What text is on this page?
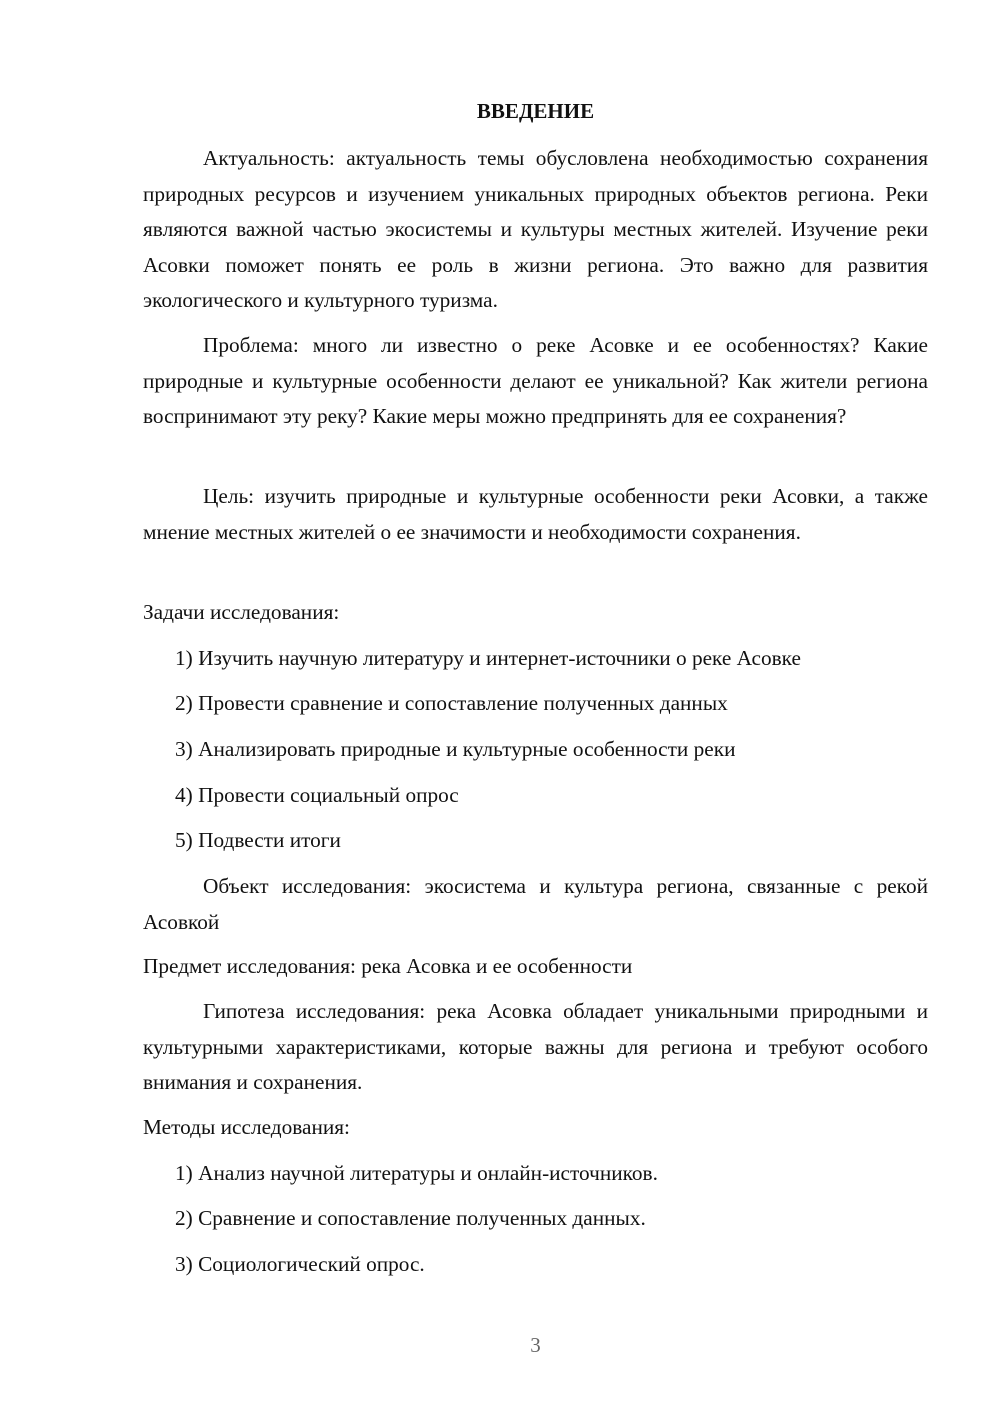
ВВЕДЕНИЕ

Актуальность: актуальность темы обусловлена необходимостью сохранения природных ресурсов и изучением уникальных природных объектов региона. Реки являются важной частью экосистемы и культуры местных жителей. Изучение реки Асовки поможет понять ее роль в жизни региона. Это важно для развития экологического и культурного туризма.

Проблема: много ли известно о реке Асовке и ее особенностях? Какие природные и культурные особенности делают ее уникальной? Как жители региона воспринимают эту реку? Какие меры можно предпринять для ее сохранения?

Цель: изучить природные и культурные особенности реки Асовки, а также мнение местных жителей о ее значимости и необходимости сохранения.

Задачи исследования:

1) Изучить научную литературу и интернет-источники о реке Асовке

2) Провести сравнение и сопоставление полученных данных

3) Анализировать природные и культурные особенности реки

4) Провести социальный опрос

5) Подвести итоги

Объект исследования: экосистема и культура региона, связанные с рекой Асовкой

Предмет исследования: река Асовка и ее особенности

Гипотеза исследования: река Асовка обладает уникальными природными и культурными характеристиками, которые важны для региона и требуют особого внимания и сохранения.

Методы исследования:

1) Анализ научной литературы и онлайн-источников.

2) Сравнение и сопоставление полученных данных.

3) Социологический опрос.

3
